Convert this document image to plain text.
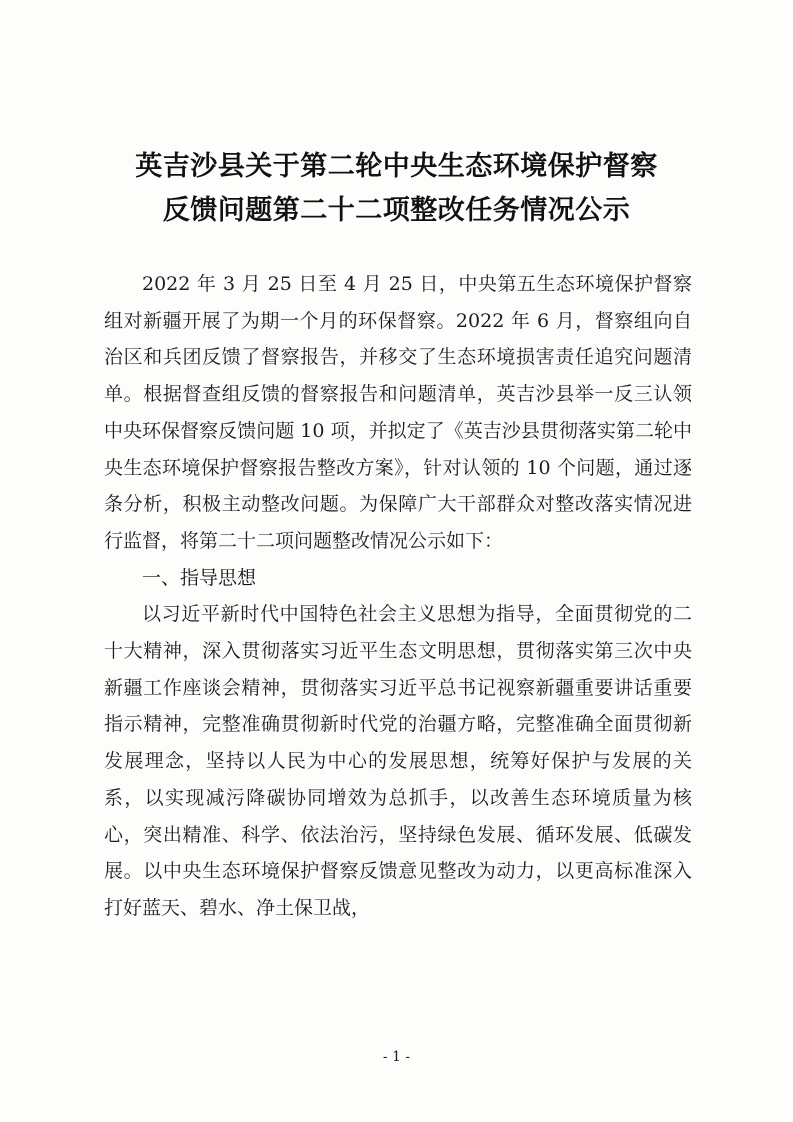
英吉沙县关于第二轮中央生态环境保护督察
反馈问题第二十二项整改任务情况公示

2022 年 3 月 25 日至 4 月 25 日，中央第五生态环境保护督察组对新疆开展了为期一个月的环保督察。2022 年 6 月，督察组向自治区和兵团反馈了督察报告，并移交了生态环境损害责任追究问题清单。根据督查组反馈的督察报告和问题清单，英吉沙县举一反三认领中央环保督察反馈问题 10 项，并拟定了《英吉沙县贯彻落实第二轮中央生态环境保护督察报告整改方案》，针对认领的 10 个问题，通过逐条分析，积极主动整改问题。为保障广大干部群众对整改落实情况进行监督，将第二十二项问题整改情况公示如下：

一、指导思想

以习近平新时代中国特色社会主义思想为指导，全面贯彻党的二十大精神，深入贯彻落实习近平生态文明思想，贯彻落实第三次中央新疆工作座谈会精神，贯彻落实习近平总书记视察新疆重要讲话重要指示精神，完整准确贯彻新时代党的治疆方略，完整准确全面贯彻新发展理念，坚持以人民为中心的发展思想，统筹好保护与发展的关系，以实现减污降碳协同增效为总抓手，以改善生态环境质量为核心，突出精准、科学、依法治污，坚持绿色发展、循环发展、低碳发展。以中央生态环境保护督察反馈意见整改为动力，以更高标准深入打好蓝天、碧水、净土保卫战，

- 1 -
